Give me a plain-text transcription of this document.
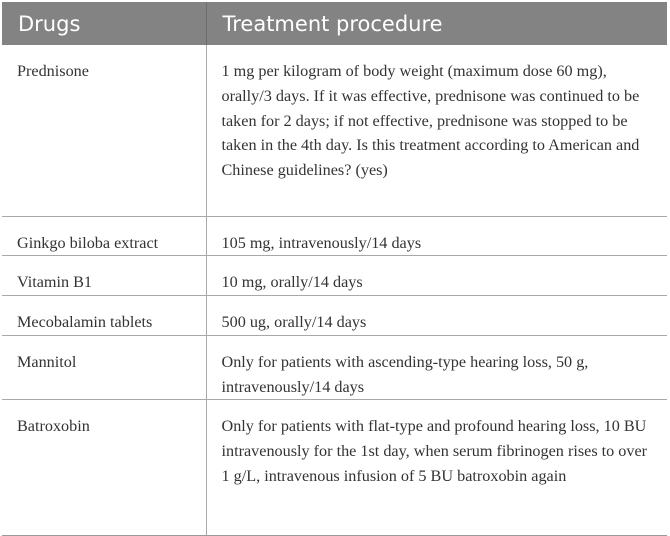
Drugs	Treatment procedure
Prednisone	1 mg per kilogram of body weight (maximum dose 60 mg), orally/3 days. If it was effective, prednisone was continued to be taken for 2 days; if not effective, prednisone was stopped to be taken in the 4th day. Is this treatment according to American and Chinese guidelines? (yes)
Ginkgo biloba extract	105 mg, intravenously/14 days
Vitamin B1	10 mg, orally/14 days
Mecobalamin tablets	500 ug, orally/14 days
Mannitol	Only for patients with ascending-type hearing loss, 50 g, intravenously/14 days
Batroxobin	Only for patients with flat-type and profound hearing loss, 10 BU intravenously for the 1st day, when serum fibrinogen rises to over 1 g/L, intravenous infusion of 5 BU batroxobin again
